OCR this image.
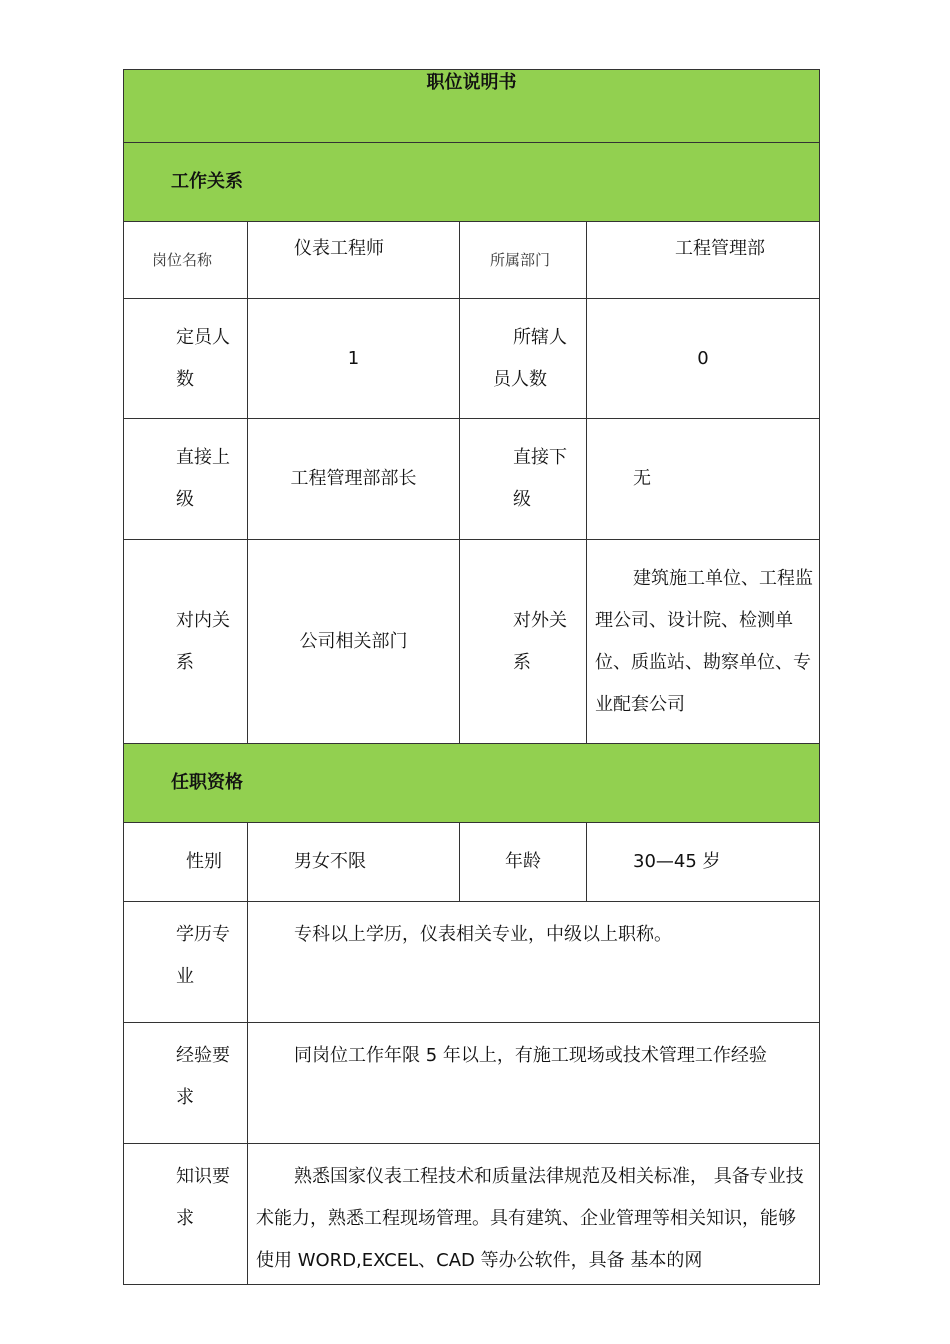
职位说明书			

工作关系			
岗位名称	仪表工程师	所属部门	工程管理部
定员人数	1	所辖人员人数	0
直接上级	工程管理部部长	直接下级	无
对内关系	公司相关部门	对外关系	建筑施工单位、工程监理公司、设计院、检测单位、质监站、勘察单位、专业配套公司

任职资格			
性别	男女不限	年龄	30—45 岁
学历专业	专科以上学历，仪表相关专业，中级以上职称。		
经验要求	同岗位工作年限 5 年以上，有施工现场或技术管理工作经验		
知识要求	熟悉国家仪表工程技术和质量法律规范及相关标准， 具备专业技术能力，熟悉工程现场管理。具有建筑、企业管理等相关知识，能够使用 WORD,EXCEL、CAD 等办公软件，具备 基本的网		
